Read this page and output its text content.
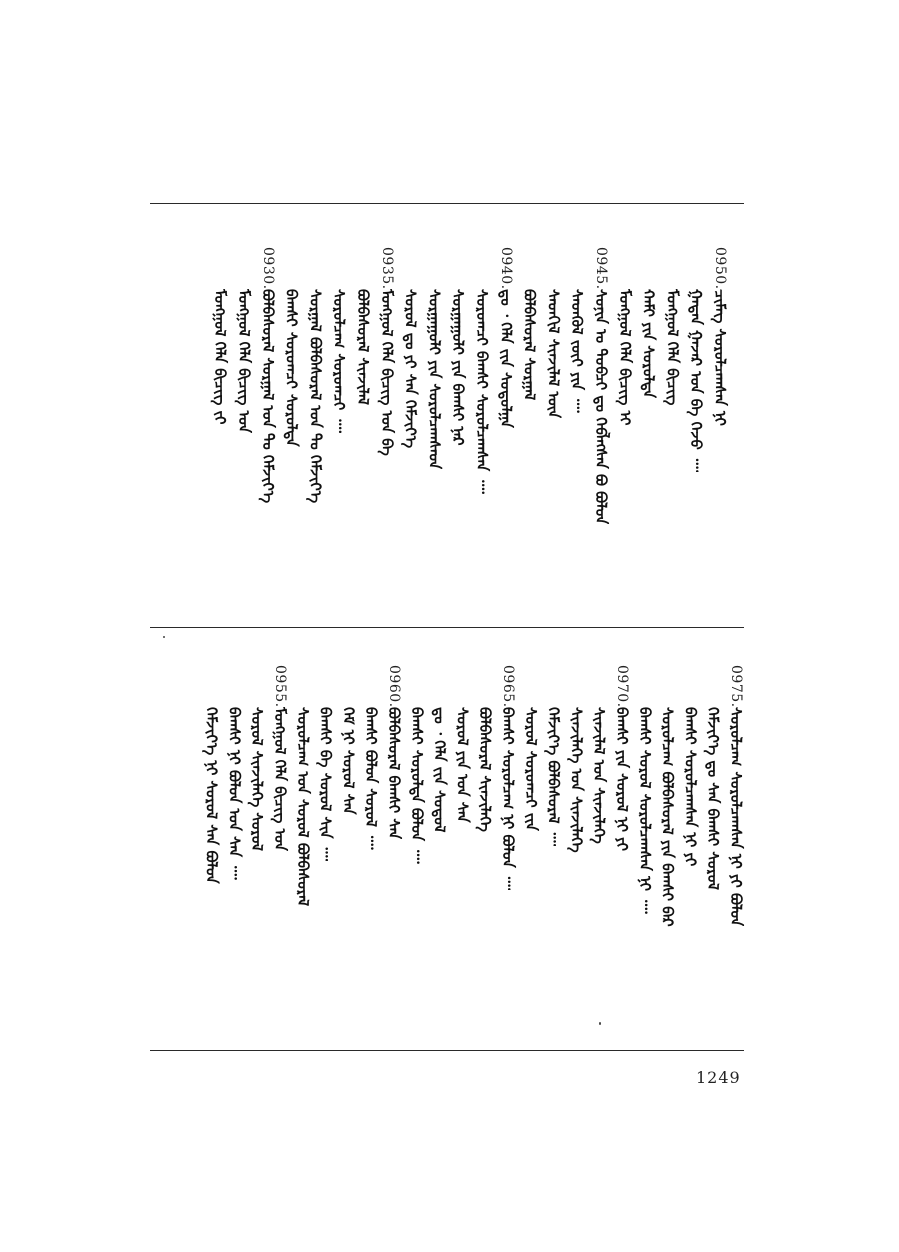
0950.
ᠴᠢᠮᠡᠭ ᠰᠤᠷᠤᠯᠴᠠᠭᠰᠠᠨ ᠨᠢ
ᠭᠠᠳᠠᠨ ᠭᠠᠵᠠᠷ ᠤᠨ ᠪᠠ ᠭᠡᠵᠦ ᠁
ᠮᠣᠩᠭᠣᠯ ᠬᠡᠯᠡ ᠪᠢᠴᠢᠭ
ᠬᠠᠮᠢ ᠶᠢᠨ ᠰᠤᠷᠤᠯᠲᠠ
ᠮᠣᠩᠭᠣᠯ ᠬᠡᠯᠡ ᠪᠢᠴᠢᠭ ᠢ
0945.
ᠰᠣᠨᠢᠨ ᠤ ᠲᠣᠪᠴᠢ ᠳᠤ ᠬᠡᠪᠯᠡᠭᠰᠡᠨ ᠪᠤ ᠪᠣᠯᠤᠨ
ᠰᠡᠳᠭᠦᠯ ᠵᠦᠢ ᠶᠢᠨ ᠁
ᠰᠡᠳᠬᠢᠯ ᠰᠢᠨᠵᠢᠯᠡᠯ ᠦᠨ
ᠪᠣᠯᠪᠠᠰᠤᠷᠠᠯ ᠰᠤᠷᠭᠠᠯ
0940.
ᠳᠤ ᠂ ᠬᠡᠯᠡ ᠵᠢᠨ ᠰᠤᠳᠤᠯᠭᠠ
ᠰᠤᠷᠤᠭᠴᠢ ᠪᠠᠭᠰᠢ ᠰᠤᠷᠤᠯᠴᠠᠭᠰᠠᠨ ᠁
ᠰᠤᠷᠭᠠᠭᠤᠯᠢ ᠶᠢᠨ ᠪᠠᠭᠰᠢ ᠨᠠᠷ
ᠰᠤᠷᠭᠠᠭᠤᠯᠢ ᠶᠢᠨ ᠰᠤᠷᠤᠯᠴᠠᠭᠰᠠᠳ
ᠰᠤᠷᠤᠯ ᠳᠤ ᠶᠢ ᠰᠠᠨ ᠬᠡᠮᠵᠢᠶ᠎ᠡ
0935.
ᠮᠣᠩᠭᠣᠯ ᠬᠡᠯᠡ ᠪᠢᠴᠢᠭ ᠤᠨ ᠪᠠ
ᠪᠣᠯᠪᠠᠰᠤᠷᠠᠯ ᠰᠢᠨᠵᠢᠯᠡᠯ
ᠰᠤᠷᠤᠯᠴᠠᠭ ᠰᠤᠷᠤᠭᠴᠢ ᠁
ᠰᠤᠷᠭᠠᠯ ᠪᠣᠯᠪᠠᠰᠤᠷᠠᠯ ᠤᠨ ᠲᠤ ᠬᠡᠮᠵᠢᠶ᠎ᠡ
ᠪᠠᠭᠰᠢ ᠰᠤᠷᠤᠭᠴᠢ ᠰᠤᠷᠤᠯᠲᠠ
0930.
ᠪᠣᠯᠪᠠᠰᠤᠷᠠᠯ ᠰᠤᠷᠭᠠᠯ ᠤᠨ ᠲᠤ ᠬᠡᠮᠵᠢᠶ᠎ᠡ
ᠮᠣᠩᠭᠣᠯ ᠬᠡᠯᠡ ᠪᠢᠴᠢᠭ ᠤᠨ
ᠮᠣᠩᠭᠣᠯ ᠬᠡᠯᠡ ᠪᠢᠴᠢᠭ ᠵᠢ
0975.
ᠰᠤᠷᠤᠯᠴᠠᠭ ᠰᠤᠷᠤᠯᠴᠠᠭᠰᠠᠨ ᠨᠢ ᠶᠢ ᠪᠣᠯᠤᠨ
ᠬᠡᠮᠵᠢᠶ᠎ᠡ ᠳᠤ ᠰᠠᠨ ᠪᠠᠭᠰᠢ ᠰᠤᠷᠤᠯ
ᠪᠠᠭᠰᠢ ᠰᠤᠷᠤᠯᠴᠠᠭᠰᠠᠨ ᠨᠢ ᠶᠢ
ᠰᠤᠷᠤᠯᠴᠠᠭ ᠪᠣᠯᠪᠠᠰᠤᠷᠠᠯ ᠶᠢᠨ ᠪᠠᠭᠰᠢ ᠪᠡᠷ
ᠪᠠᠭᠰᠢ ᠰᠤᠷᠤᠯ ᠰᠤᠷᠤᠯᠴᠠᠭᠰᠠᠨ ᠨᠢ ᠁
0970.
ᠪᠠᠭᠰᠢ ᠶᠢᠨ ᠰᠤᠷᠤᠯ ᠨᠢ ᠶᠢ
ᠰᠢᠨᠵᠢᠯᠡᠯ ᠤᠨ ᠰᠢᠨᠵᠢᠯᠡᠭᠡ
ᠰᠢᠨᠵᠢᠯᠡᠭᠡ ᠤᠨ ᠰᠢᠨᠵᠢᠯᠡᠭᠡ
ᠬᠡᠮᠵᠢᠶ᠎ᠡ ᠪᠣᠯᠪᠠᠰᠤᠷᠠᠯ ᠁
ᠰᠤᠷᠤᠯ ᠰᠤᠷᠤᠭᠴᠢ ᠵᠢᠨ
0965.
ᠪᠠᠭᠰᠢ ᠰᠤᠷᠤᠯᠴᠠᠭ ᠨᠢ ᠪᠣᠯᠤᠨ ᠁
ᠪᠣᠯᠪᠠᠰᠤᠷᠠᠯ ᠰᠢᠨᠵᠢᠯᠡᠭᠡ
ᠰᠤᠷᠤᠯ ᠶᠢᠨ ᠤᠨ ᠰᠠᠨ
ᠳᠤ ᠂ ᠬᠡᠯᠡ ᠵᠢᠨ ᠰᠤᠳᠤᠯ
ᠪᠠᠭᠰᠢ ᠰᠤᠷᠤᠯᠲᠠ ᠪᠣᠯᠤᠨ ᠁
0960.
ᠪᠣᠯᠪᠠᠰᠤᠷᠠᠯ ᠪᠠᠭᠰᠢ ᠰᠠᠨ
ᠪᠠᠭᠰᠢ ᠪᠣᠯᠤᠨ ᠰᠤᠷᠤᠯ ᠁
ᠬᠡᠮ ᠨᠢ ᠰᠤᠷᠤᠯ ᠰᠠᠨ
ᠪᠠᠭᠰᠢ ᠪᠠ ᠰᠤᠷᠤᠯ ᠰᠢᠨ ᠁
ᠰᠤᠷᠤᠯᠴᠠᠭ ᠤᠨ ᠰᠤᠷᠤᠯ ᠪᠣᠯᠪᠠᠰᠤᠷᠠᠯ
0955.
ᠮᠣᠩᠭᠣᠯ ᠬᠡᠯᠡ ᠪᠢᠴᠢᠭ ᠤᠨ
ᠰᠤᠷᠤᠯ ᠰᠢᠨᠵᠢᠯᠡᠭᠡ ᠰᠤᠷᠤᠯ
ᠪᠠᠭᠰᠢ ᠨᠢ ᠪᠣᠯᠤᠨ ᠤᠨ ᠰᠠᠨ ᠁
ᠬᠡᠮᠵᠢᠶ᠎ᠡ ᠨᠢ ᠰᠤᠷᠤᠯ ᠰᠠᠨ ᠪᠣᠯᠤᠨ
1249
